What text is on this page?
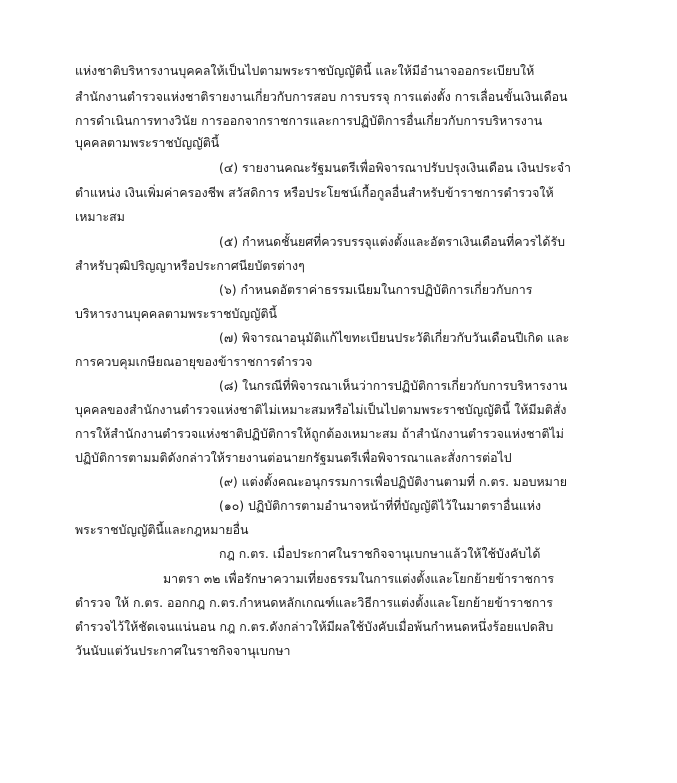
แห่งชาติบริหารงานบุคคลให้เป็นไปตามพระราชบัญญัตินี้ และให้มีอำนาจออกระเบียบให้
สำนักงานตำรวจแห่งชาติรายงานเกี่ยวกับการสอบ การบรรจุ การแต่งตั้ง การเลื่อนขั้นเงินเดือน
การดำเนินการทางวินัย การออกจากราชการและการปฏิบัติการอื่นเกี่ยวกับการบริหารงาน
บุคคลตามพระราชบัญญัตินี้
(๔) รายงานคณะรัฐมนตรีเพื่อพิจารณาปรับปรุงเงินเดือน เงินประจำ
ตำแหน่ง เงินเพิ่มค่าครองชีพ สวัสดิการ หรือประโยชน์เกื้อกูลอื่นสำหรับข้าราชการตำรวจให้
เหมาะสม
(๕) กำหนดชั้นยศที่ควรบรรจุแต่งตั้งและอัตราเงินเดือนที่ควรได้รับ
สำหรับวุฒิปริญญาหรือประกาศนียบัตรต่างๆ
(๖) กำหนดอัตราค่าธรรมเนียมในการปฏิบัติการเกี่ยวกับการ
บริหารงานบุคคลตามพระราชบัญญัตินี้
(๗) พิจารณาอนุมัติแก้ไขทะเบียนประวัติเกี่ยวกับวันเดือนปีเกิด และ
การควบคุมเกษียณอายุของข้าราชการตำรวจ
(๘) ในกรณีที่พิจารณาเห็นว่าการปฏิบัติการเกี่ยวกับการบริหารงาน
บุคคลของสำนักงานตำรวจแห่งชาติไม่เหมาะสมหรือไม่เป็นไปตามพระราชบัญญัตินี้ ให้มีมติสั่ง
การให้สำนักงานตำรวจแห่งชาติปฏิบัติการให้ถูกต้องเหมาะสม ถ้าสำนักงานตำรวจแห่งชาติไม่
ปฏิบัติการตามมติดังกล่าวให้รายงานต่อนายกรัฐมนตรีเพื่อพิจารณาและสั่งการต่อไป
(๙) แต่งตั้งคณะอนุกรรมการเพื่อปฏิบัติงานตามที่ ก.ตร. มอบหมาย
(๑๐) ปฏิบัติการตามอำนาจหน้าที่ที่บัญญัติไว้ในมาตราอื่นแห่ง
พระราชบัญญัตินี้และกฎหมายอื่น
กฎ ก.ตร. เมื่อประกาศในราชกิจจานุเบกษาแล้วให้ใช้บังคับได้
มาตรา ๓๒ เพื่อรักษาความเที่ยงธรรมในการแต่งตั้งและโยกย้ายข้าราชการ
ตำรวจ ให้ ก.ตร. ออกกฎ ก.ตร.กำหนดหลักเกณฑ์และวิธีการแต่งตั้งและโยกย้ายข้าราชการ
ตำรวจไว้ให้ชัดเจนแน่นอน กฎ ก.ตร.ดังกล่าวให้มีผลใช้บังคับเมื่อพ้นกำหนดหนึ่งร้อยแปดสิบ
วันนับแต่วันประกาศในราชกิจจานุเบกษา
